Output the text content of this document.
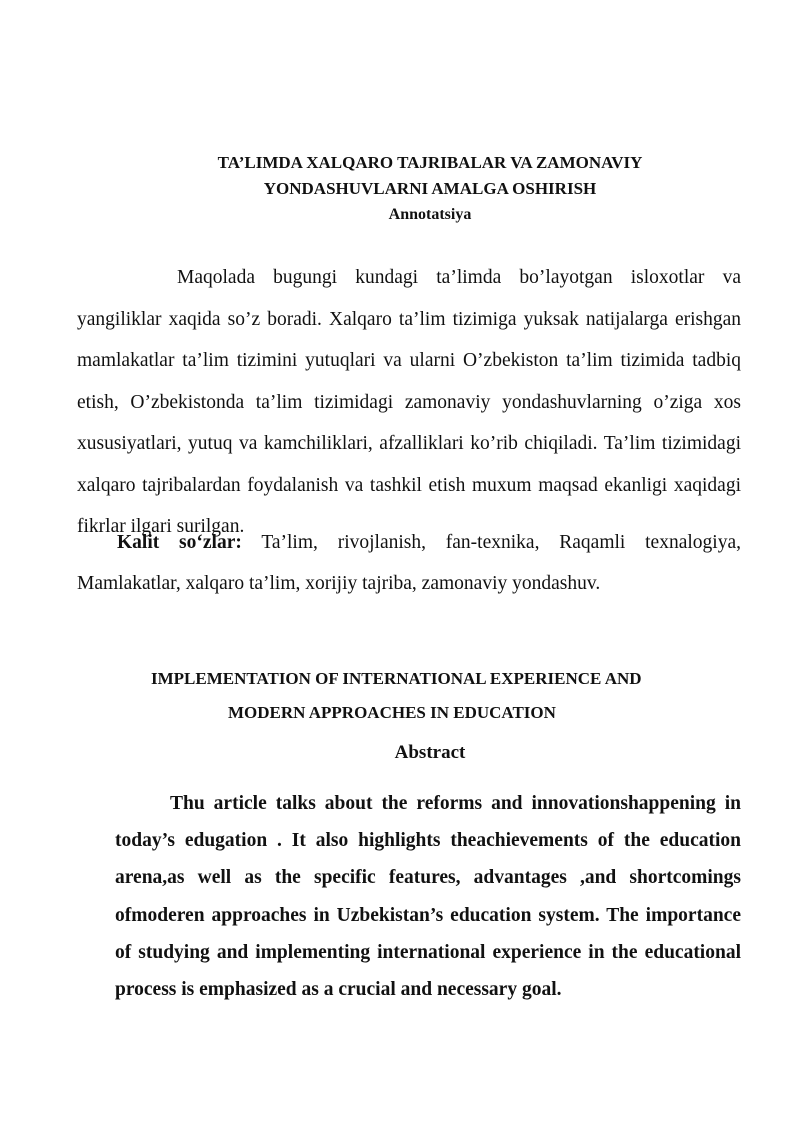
TA’LIMDA XALQARO TAJRIBALAR VA ZAMONAVIY YONDASHUVLARNI AMALGA OSHIRISH
Annotatsiya

Maqolada bugungi kundagi ta’limda bo’layotgan isloxotlar va yangiliklar xaqida so’z boradi. Xalqaro ta’lim tizimiga yuksak natijalarga erishgan mamlakatlar ta’lim tizimini yutuqlari va ularni O’zbekiston ta’lim tizimida tadbiq etish, O’zbekistonda ta’lim tizimidagi zamonaviy yondashuvlarning o’ziga xos xususiyatlari, yutuq va kamchiliklari, afzalliklari ko’rib chiqiladi. Ta’lim tizimidagi xalqaro tajribalardan foydalanish va tashkil etish muxum maqsad ekanligi xaqidagi fikrlar ilgari surilgan.

Kalit so‘zlar: Ta’lim, rivojlanish, fan-texnika, Raqamli texnalogiya, Mamlakatlar, xalqaro ta’lim, xorijiy tajriba, zamonaviy yondashuv.

IMPLEMENTATION OF INTERNATIONAL EXPERIENCE AND
MODERN APPROACHES IN EDUCATION
Abstract

Thu article talks about the reforms and innovationshappening in today’s edugation . It also highlights theachievements of the education arena,as well as the specific features, advantages ,and shortcomings ofmoderen approaches in Uzbekistan’s education system. The importance of studying and implementing international experience in the educational process is emphasized as a crucial and necessary goal.
